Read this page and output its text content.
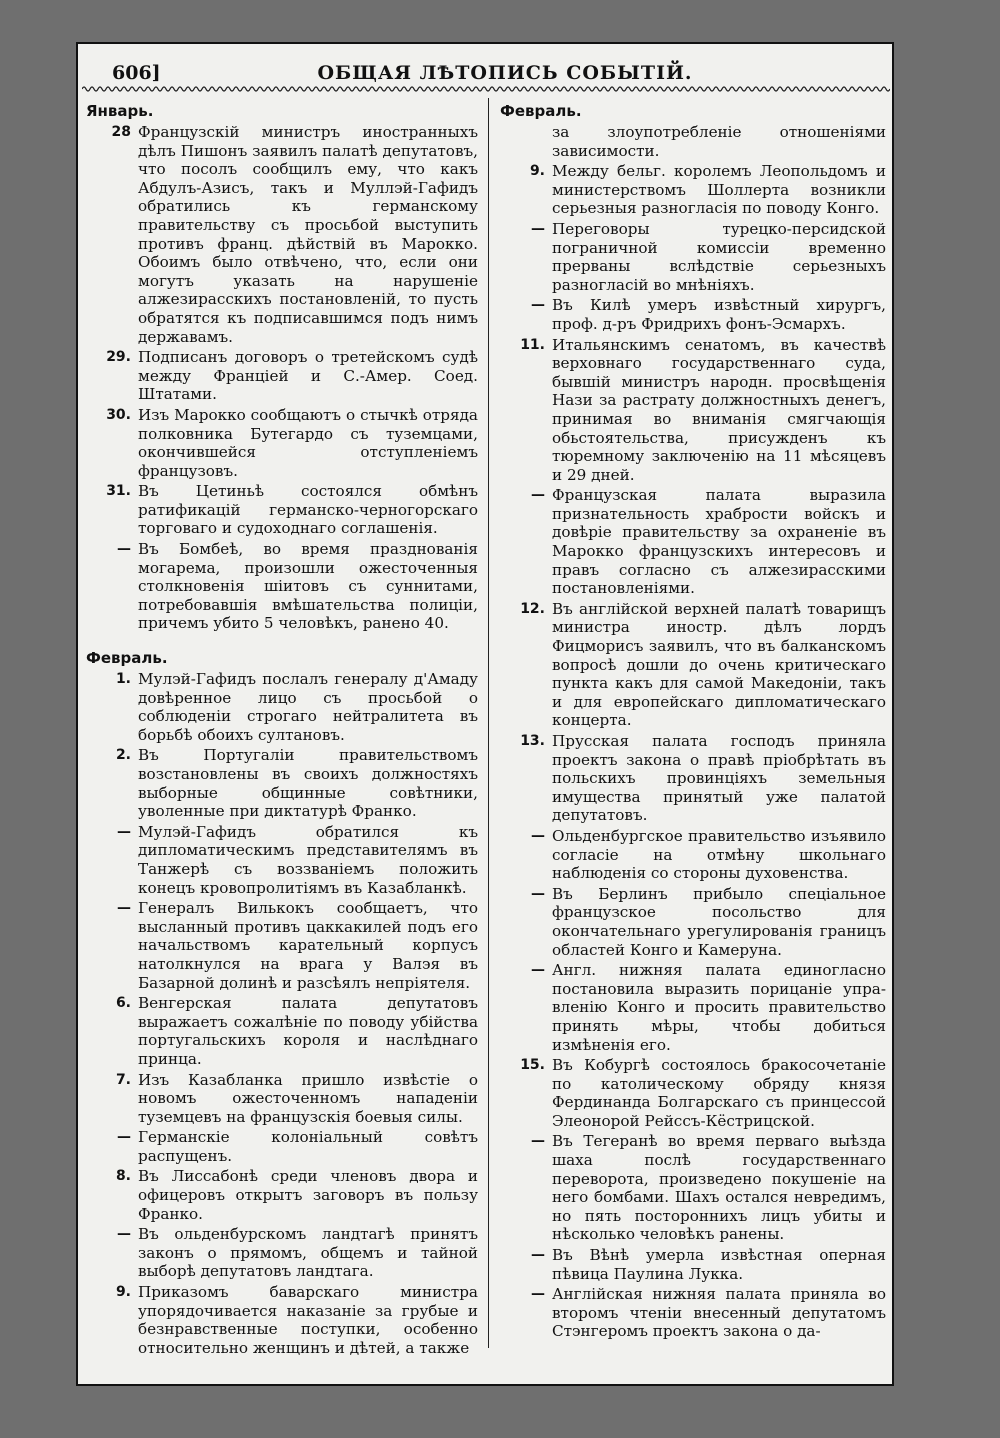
606]	ОБЩАЯ ЛѢТОПИСЬ СОБЫТІЙ.
Январь.
28 Французскій министръ иностранныхъ дѣлъ Пишонъ заявилъ палатѣ депутатовъ, что посолъ сообщилъ ему, что какъ Абдулъ-Азисъ, такъ и Муллэй-Гафидъ обратились къ германскому правительству съ просьбой выступить противъ франц. дѣйствій въ Марокко. Обоимъ было отвѣчено, что, если они могутъ указать на нарушеніе алжезирасскихъ постановленій, то пусть обратятся къ подписавшимся подъ нимъ державамъ.
29. Подписанъ договоръ о третейскомъ судѣ между Франціей и С.-Амер. Соед. Штатами.
30. Изъ Марокко сообщаютъ о стычкѣ отряда полковника Бутегардо съ туземцами, окончившейся отступленіемъ французовъ.
31. Въ Цетиньѣ состоялся обмѣнъ ратификацій германско-черногорскаго торговаго и судоходнаго соглашенія.
— Въ Бомбеѣ, во время празднованія могарема, произошли ожесточенныя столкновенія шіитовъ съ суннитами, потребовавшія вмѣшательства полиціи, причемъ убито 5 человѣкъ, ранено 40.
Февраль.
1. Мулэй-Гафидъ послалъ генералу д'Амаду довѣренное лицо съ просьбой о соблюденіи строгаго нейтралитета въ борьбѣ обоихъ султановъ.
2. Въ Португаліи правительствомъ возстановлены въ своихъ должностяхъ выборные общинные совѣтники, уволенные при диктатурѣ Франко.
— Мулэй-Гафидъ обратился къ дипломатическимъ представителямъ въ Танжерѣ съ воззваніемъ положить конецъ кровопролитіямъ въ Казабланкѣ.
— Генералъ Вилькокъ сообщаетъ, что высланный противъ цаккакилей подъ его начальствомъ карательный корпусъ натолкнулся на врага у Валэя въ Базарной долинѣ и разсѣялъ непріятеля.
6. Венгерская палата депутатовъ выражаетъ сожалѣніе по поводу убійства португальскихъ короля и наслѣднаго принца.
7. Изъ Казабланка пришло извѣстіе о новомъ ожесточенномъ нападеніи туземцевъ на французскія боевыя силы.
— Германскіе колоніальный совѣтъ распущенъ.
8. Въ Лиссабонѣ среди членовъ двора и офицеровъ открытъ заговоръ въ пользу Франко.
— Въ ольденбурскомъ ландтагѣ принятъ законъ о прямомъ, общемъ и тайной выборѣ депутатовъ ландтага.
9. Приказомъ баварскаго министра упорядочивается наказаніе за грубые и безнравственные поступки, особенно относительно женщинъ и дѣтей, а также
Февраль.
за злоупотребленіе отношеніями зависимости.
9. Между бельг. королемъ Леопольдомъ и министерствомъ Шоллерта возникли серьезныя разногласія по поводу Конго.
— Переговоры турецко-персидской пограничной комиссіи временно прерваны вслѣдствіе серьезныхъ разногласій во мнѣніяхъ.
— Въ Килѣ умеръ извѣстный хирургъ, проф. д-ръ Фридрихъ фонъ-Эсмархъ.
11. Итальянскимъ сенатомъ, въ качествѣ верховнаго государственнаго суда, бывшій министръ народн. просвѣщенія Нази за растрату должностныхъ денегъ, принимая во вниманія смягчающія обьстоятельства, присужденъ къ тюремному заключенію на 11 мѣсяцевъ и 29 дней.
— Французская палата выразила признательность храбрости войскъ и довѣріе правительству за охраненіе въ Марокко французскихъ интересовъ и правъ согласно съ алжезирасскими постановленіями.
12. Въ англійской верхней палатѣ товарищъ министра иностр. дѣлъ лордъ Фицморисъ заявилъ, что въ балканскомъ вопросѣ дошли до очень критическаго пункта какъ для самой Македоніи, такъ и для европейскаго дипломатическаго концерта.
13. Прусская палата господъ приняла проектъ закона о правѣ пріобрѣтать въ польскихъ провинціяхъ земельныя имущества принятый уже палатой депутатовъ.
— Ольденбургское правительство изъявило согласіе на отмѣну школьнаго наблюденія со стороны духовенства.
— Въ Берлинъ прибыло спеціальное французское посольство для окончательнаго урегулированія границъ областей Конго и Камеруна.
— Англ. нижняя палата единогласно постановила выразить порицаніе управленію Конго и просить правительство принять мѣры, чтобы добиться измѣненія его.
15. Въ Кобургѣ состоялось бракосочетаніе по католическому обряду князя Фердинанда Болгарскаго съ принцессой Элеонорой Рейссъ-Кёстрицской.
— Въ Тегеранѣ во время перваго выѣзда шаха послѣ государственнаго переворота, произведено покушеніе на него бомбами. Шахъ остался невредимъ, но пять постороннихъ лицъ убиты и нѣсколько человѣкъ ранены.
— Въ Вѣнѣ умерла извѣстная оперная пѣвица Паулина Лукка.
— Англійская нижняя палата приняла во второмъ чтеніи внесенный депутатомъ Стэнгеромъ проектъ закона о да-
